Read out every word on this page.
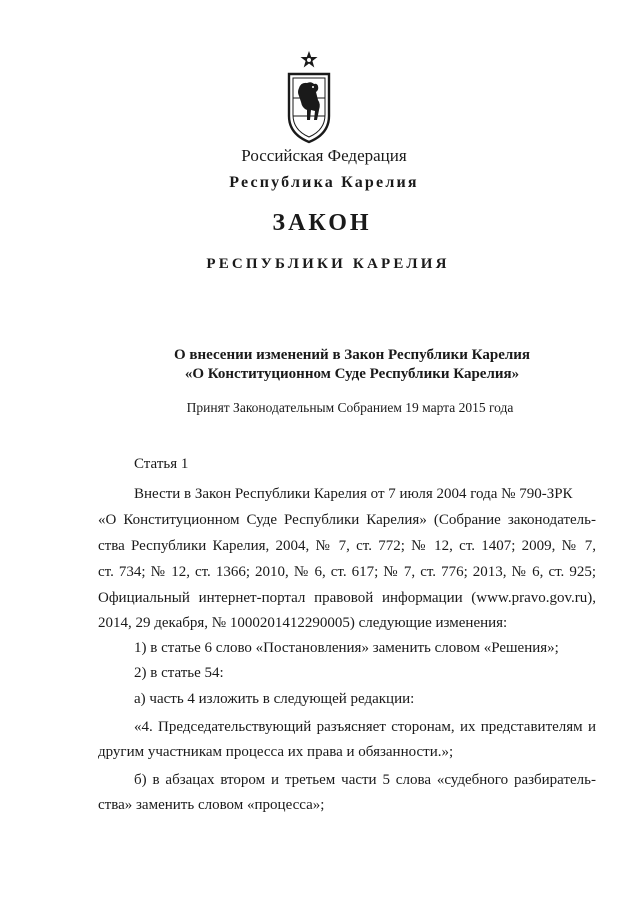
Российская Федерация
Республика Карелия
ЗАКОН
РЕСПУБЛИКИ КАРЕЛИЯ
О внесении изменений в Закон Республики Карелия
«О Конституционном Суде Республики Карелия»
Принят Законодательным Собранием 19 марта 2015 года
Статья 1
Внести в Закон Республики Карелия от 7 июля 2004 года № 790-ЗРК
«О Конституционном Суде Республики Карелия» (Собрание законодатель-
ства Республики Карелия, 2004, № 7, ст. 772; № 12, ст. 1407; 2009, № 7,
ст. 734; № 12, ст. 1366; 2010, № 6, ст. 617; № 7, ст. 776; 2013, № 6, ст. 925;
Официальный интернет-портал правовой информации (www.pravo.gov.ru),
2014, 29 декабря, № 1000201412290005) следующие изменения:
1) в статье 6 слово «Постановления» заменить словом «Решения»;
2) в статье 54:
а) часть 4 изложить в следующей редакции:
«4. Председательствующий разъясняет сторонам, их представителям и
другим участникам процесса их права и обязанности.»;
б) в абзацах втором и третьем части 5 слова «судебного разбиратель-
ства» заменить словом «процесса»;
